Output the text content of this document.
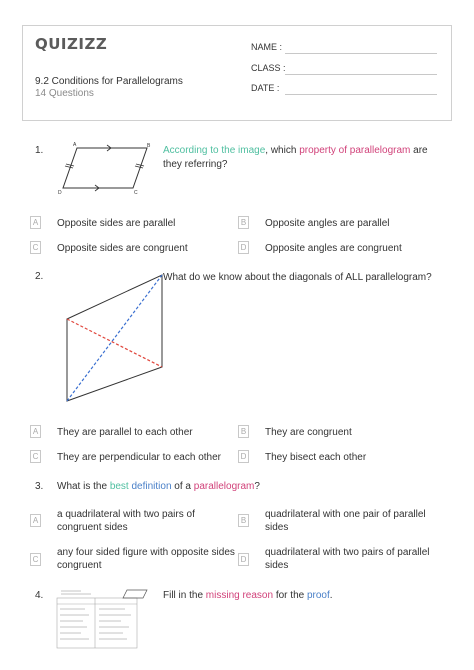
QUIZIZZ
9.2 Conditions for Parallelograms
14 Questions
NAME :
CLASS :
DATE :
1.	A	B
C
D
According to the image, which property of parallelogram are they referring?
A Opposite sides are parallel	B Opposite angles are parallel
C Opposite sides are congruent	D Opposite angles are congruent
2.	What do we know about the diagonals of ALL parallelogram?
A They are parallel to each other	B They are congruent
C They are perpendicular to each other	D They bisect each other
3. What is the best definition of a parallelogram?
A
a quadrilateral with two pairs of
congruent sides
B
quadrilateral with one pair of parallel
sides
C
any four sided figure with opposite sides
congruent
D
quadrilateral with two pairs of parallel
sides
4.	Fill in the missing reason for the proof.
